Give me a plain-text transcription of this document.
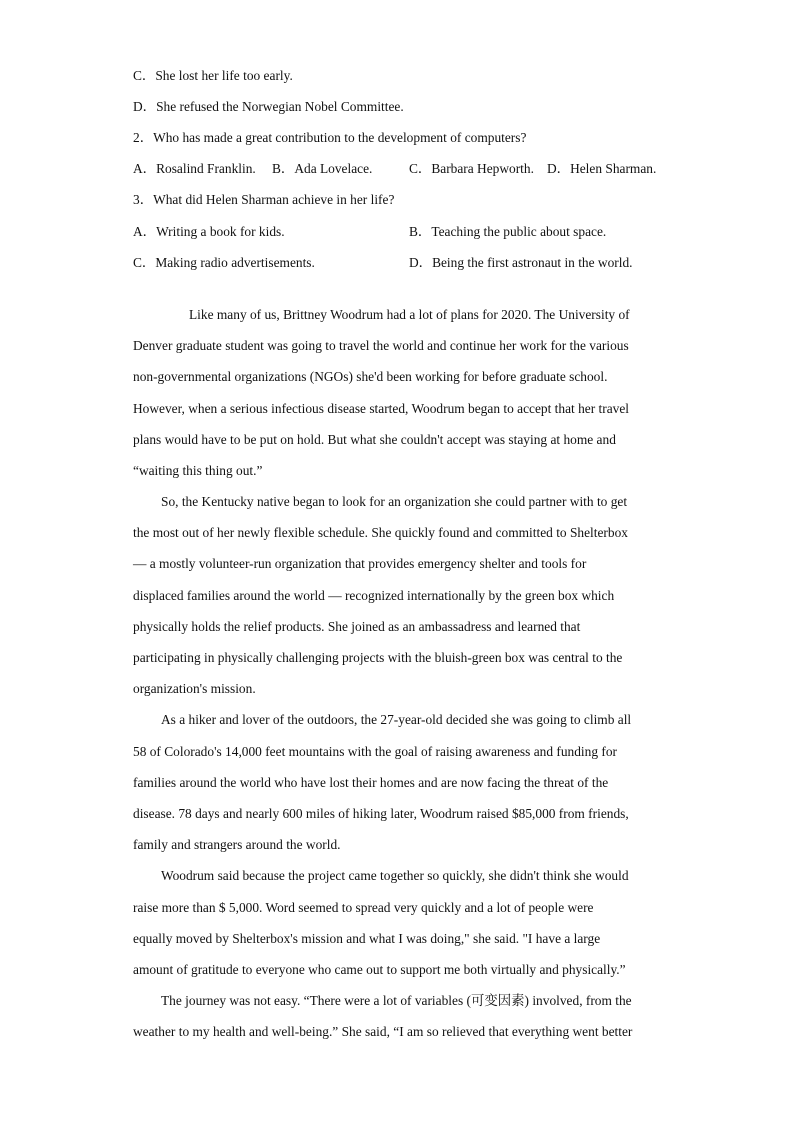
C．She lost her life too early.
D．She refused the Norwegian Nobel Committee.
2．Who has made a great contribution to the development of computers?
A．Rosalind Franklin. B．Ada Lovelace.	C．Barbara Hepworth. D．Helen Sharman.
3．What did Helen Sharman achieve in her life?
A．Writing a book for kids.	B．Teaching the public about space.
C．Making radio advertisements.	D．Being the first astronaut in the world.
Like many of us, Brittney Woodrum had a lot of plans for 2020. The University of
Denver graduate student was going to travel the world and continue her work for the various
non-governmental organizations (NGOs) she'd been working for before graduate school.
However, when a serious infectious disease started, Woodrum began to accept that her travel
plans would have to be put on hold. But what she couldn't accept was staying at home and
“waiting this thing out.”
So, the Kentucky native began to look for an organization she could partner with to get
the most out of her newly flexible schedule. She quickly found and committed to Shelterbox
— a mostly volunteer-run organization that provides emergency shelter and tools for
displaced families around the world — recognized internationally by the green box which
physically holds the relief products. She joined as an ambassadress and learned that
participating in physically challenging projects with the bluish-green box was central to the
organization's mission.
As a hiker and lover of the outdoors, the 27-year-old decided she was going to climb all
58 of Colorado's 14,000 feet mountains with the goal of raising awareness and funding for
families around the world who have lost their homes and are now facing the threat of the
disease. 78 days and nearly 600 miles of hiking later, Woodrum raised $85,000 from friends,
family and strangers around the world.
Woodrum said because the project came together so quickly, she didn't think she would
raise more than $ 5,000. Word seemed to spread very quickly and a lot of people were
equally moved by Shelterbox's mission and what I was doing," she said. "I have a large
amount of gratitude to everyone who came out to support me both virtually and physically.”
The journey was not easy. “There were a lot of variables (可变因素) involved, from the
weather to my health and well-being.” She said, “I am so relieved that everything went better
